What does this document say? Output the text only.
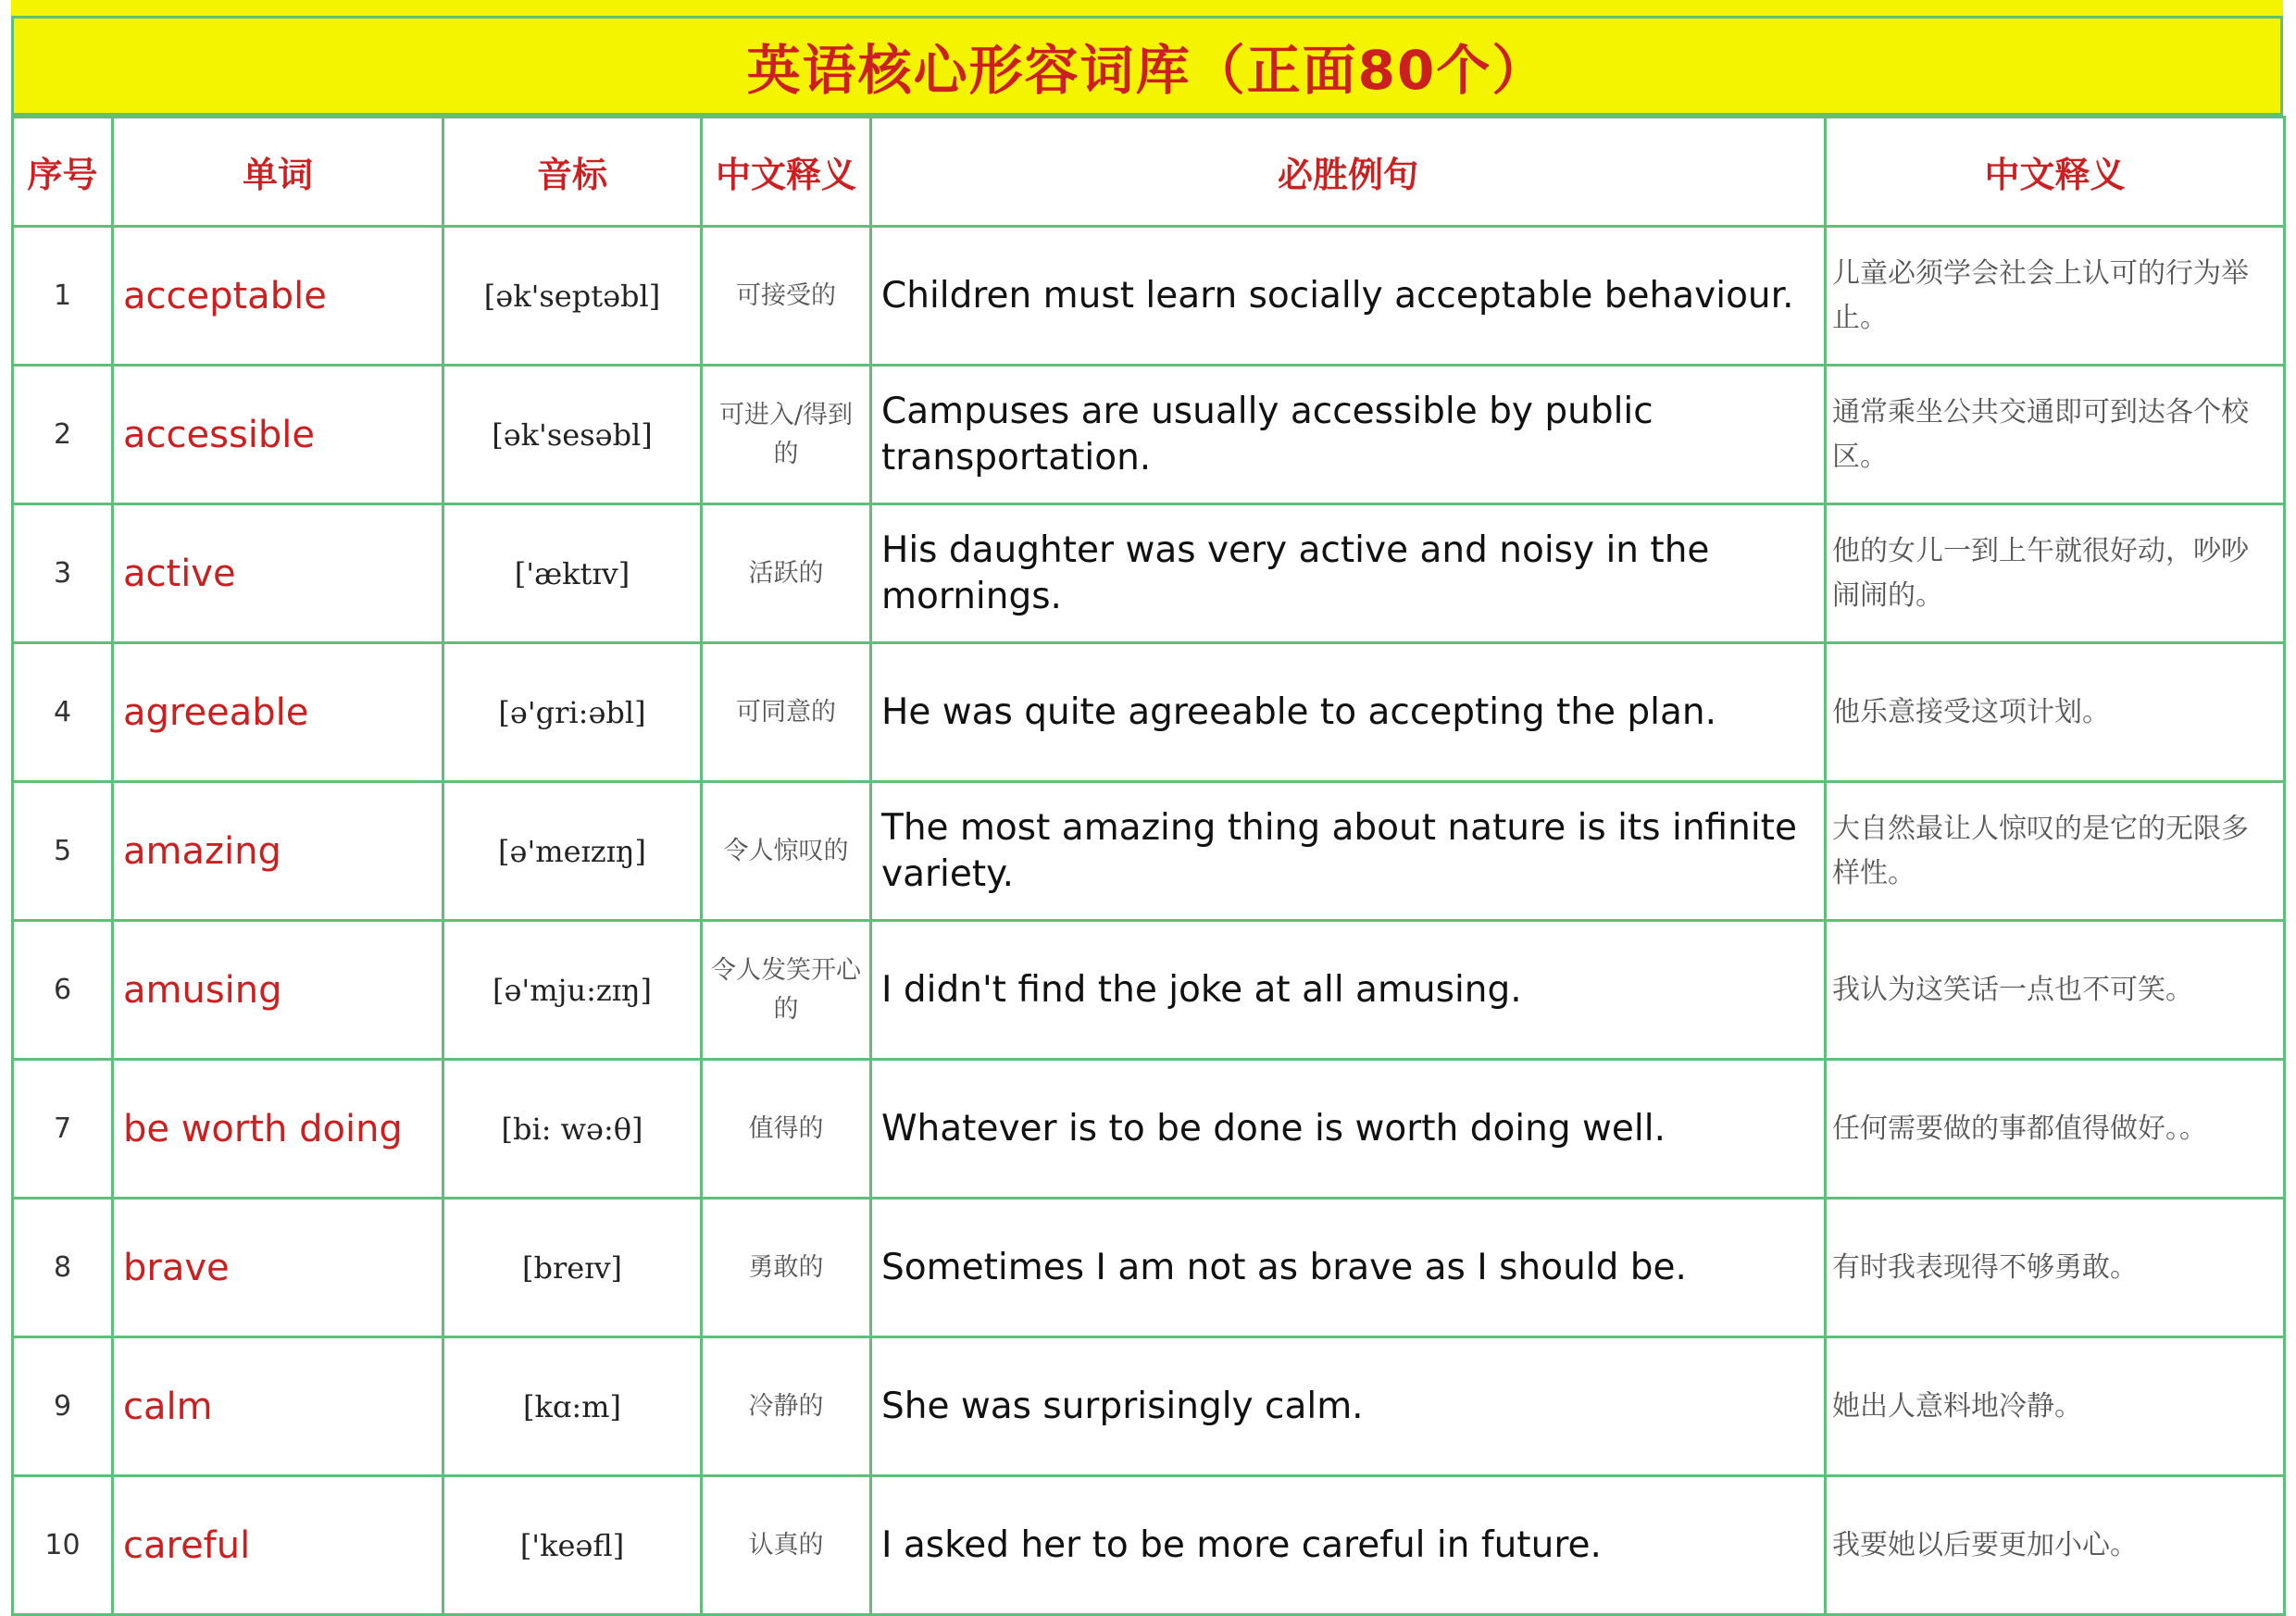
英语核心形容词库（正面80个）
序号	单词	音标	中文释义	必胜例句	中文释义
1	acceptable	[ək'septəbl]	可接受的	Children must learn socially acceptable behaviour.	儿童必须学会社会上认可的行为举止。
2	accessible	[ək'sesəbl]	可进入/得到的	Campuses are usually accessible by public transportation.	通常乘坐公共交通即可到达各个校区。
3	active	['æktɪv]	活跃的	His daughter was very active and noisy in the mornings.	他的女儿一到上午就很好动，吵吵闹闹的。
4	agreeable	[ə'gri:əbl]	可同意的	He was quite agreeable to accepting the plan.	他乐意接受这项计划。
5	amazing	[ə'meɪzɪŋ]	令人惊叹的	The most amazing thing about nature is its infinite variety.	大自然最让人惊叹的是它的无限多样性。
6	amusing	[ə'mju:zɪŋ]	令人发笑开心的	I didn't find the joke at all amusing.	我认为这笑话一点也不可笑。
7	be worth doing	[bi: wə:θ]	值得的	Whatever is to be done is worth doing well.	任何需要做的事都值得做好。。
8	brave	[breɪv]	勇敢的	Sometimes I am not as brave as I should be.	有时我表现得不够勇敢。
9	calm	[kɑ:m]	冷静的	She was surprisingly calm.	她出人意料地冷静。
10	careful	['keəfl]	认真的	I asked her to be more careful in future.	我要她以后要更加小心。
